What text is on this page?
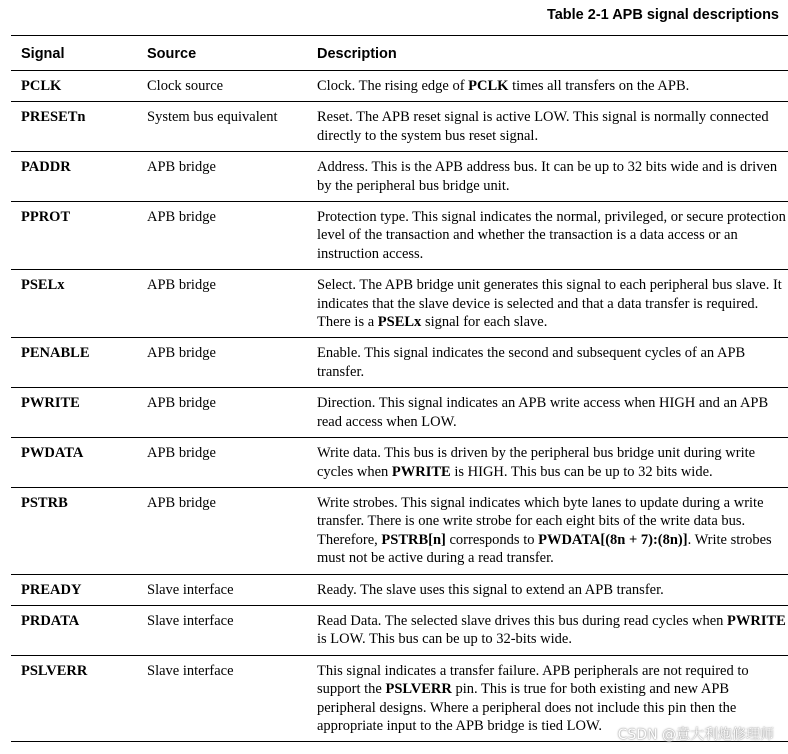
Table 2-1 APB signal descriptions
Signal	Source	Description
PCLK	Clock source	Clock. The rising edge of PCLK times all transfers on the APB.
PRESETn	System bus equivalent	Reset. The APB reset signal is active LOW. This signal is normally connected directly to the system bus reset signal.
PADDR	APB bridge	Address. This is the APB address bus. It can be up to 32 bits wide and is driven by the peripheral bus bridge unit.
PPROT	APB bridge	Protection type. This signal indicates the normal, privileged, or secure protection level of the transaction and whether the transaction is a data access or an instruction access.
PSELx	APB bridge	Select. The APB bridge unit generates this signal to each peripheral bus slave. It indicates that the slave device is selected and that a data transfer is required. There is a PSELx signal for each slave.
PENABLE	APB bridge	Enable. This signal indicates the second and subsequent cycles of an APB transfer.
PWRITE	APB bridge	Direction. This signal indicates an APB write access when HIGH and an APB read access when LOW.
PWDATA	APB bridge	Write data. This bus is driven by the peripheral bus bridge unit during write cycles when PWRITE is HIGH. This bus can be up to 32 bits wide.
PSTRB	APB bridge	Write strobes. This signal indicates which byte lanes to update during a write transfer. There is one write strobe for each eight bits of the write data bus. Therefore, PSTRB[n] corresponds to PWDATA[(8n + 7):(8n)]. Write strobes must not be active during a read transfer.
PREADY	Slave interface	Ready. The slave uses this signal to extend an APB transfer.
PRDATA	Slave interface	Read Data. The selected slave drives this bus during read cycles when PWRITE is LOW. This bus can be up to 32-bits wide.
PSLVERR	Slave interface	This signal indicates a transfer failure. APB peripherals are not required to support the PSLVERR pin. This is true for both existing and new APB peripheral designs. Where a peripheral does not include this pin then the appropriate input to the APB bridge is tied LOW.
CSDN @意大利炮修理师
